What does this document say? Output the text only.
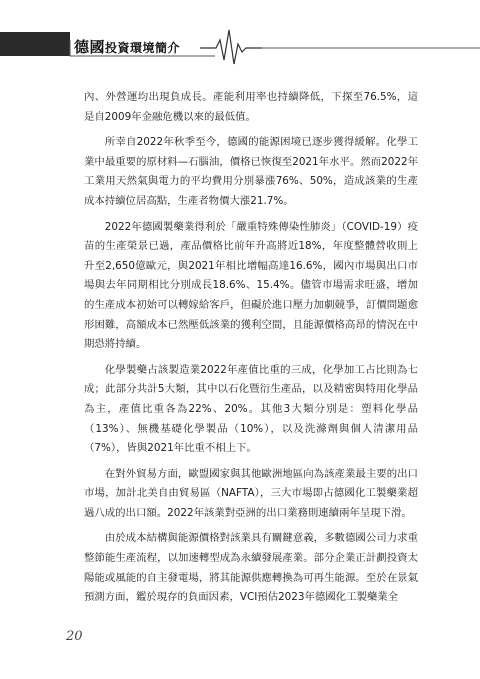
德國投資環境簡介

內、外營運均出現負成長。產能利用率也持續降低，下探至76.5%，這是自2009年金融危機以來的最低值。

所幸自2022年秋季至今，德國的能源困境已逐步獲得緩解。化學工業中最重要的原材料—石腦油，價格已恢復至2021年水平。然而2022年工業用天然氣與電力的平均費用分別暴漲76%、50%，造成該業的生產成本持續位居高點，生產者物價大漲21.7%。

2022年德國製藥業得利於「嚴重特殊傳染性肺炎」（COVID-19）疫苗的生產榮景已過，產品價格比前年升高將近18%，年度整體營收則上升至2,650億歐元，與2021年相比增幅高達16.6%，國內市場與出口市場與去年同期相比分別成長18.6%、15.4%。儘管市場需求旺盛，增加的生產成本初始可以轉嫁給客戶，但礙於進口壓力加劇競爭，訂價問題愈形困難，高額成本已然壓低該業的獲利空間，且能源價格高昂的情況在中期恐將持續。

化學製藥占該製造業2022年產值比重的三成，化學加工占比則為七成；此部分共計5大類，其中以石化暨衍生產品，以及精密與特用化學品為主，產值比重各為22%、20%。其他3大類分別是：塑料化學品（13%）、無機基礎化學製品（10%），以及洗滌劑與個人清潔用品（7%），皆與2021年比重不相上下。

在對外貿易方面，歐盟國家與其他歐洲地區向為該產業最主要的出口市場，加計北美自由貿易區（NAFTA），三大市場即占德國化工製藥業超過八成的出口額。2022年該業對亞洲的出口業務則連續兩年呈現下滑。

由於成本結構與能源價格對該業具有關鍵意義，多數德國公司力求重整節能生產流程，以加速轉型成為永續發展產業。部分企業正計劃投資太陽能或風能的自主發電場，將其能源供應轉換為可再生能源。至於在景氣預測方面，鑑於現存的負面因素，VCI預估2023年德國化工製藥業全

20
